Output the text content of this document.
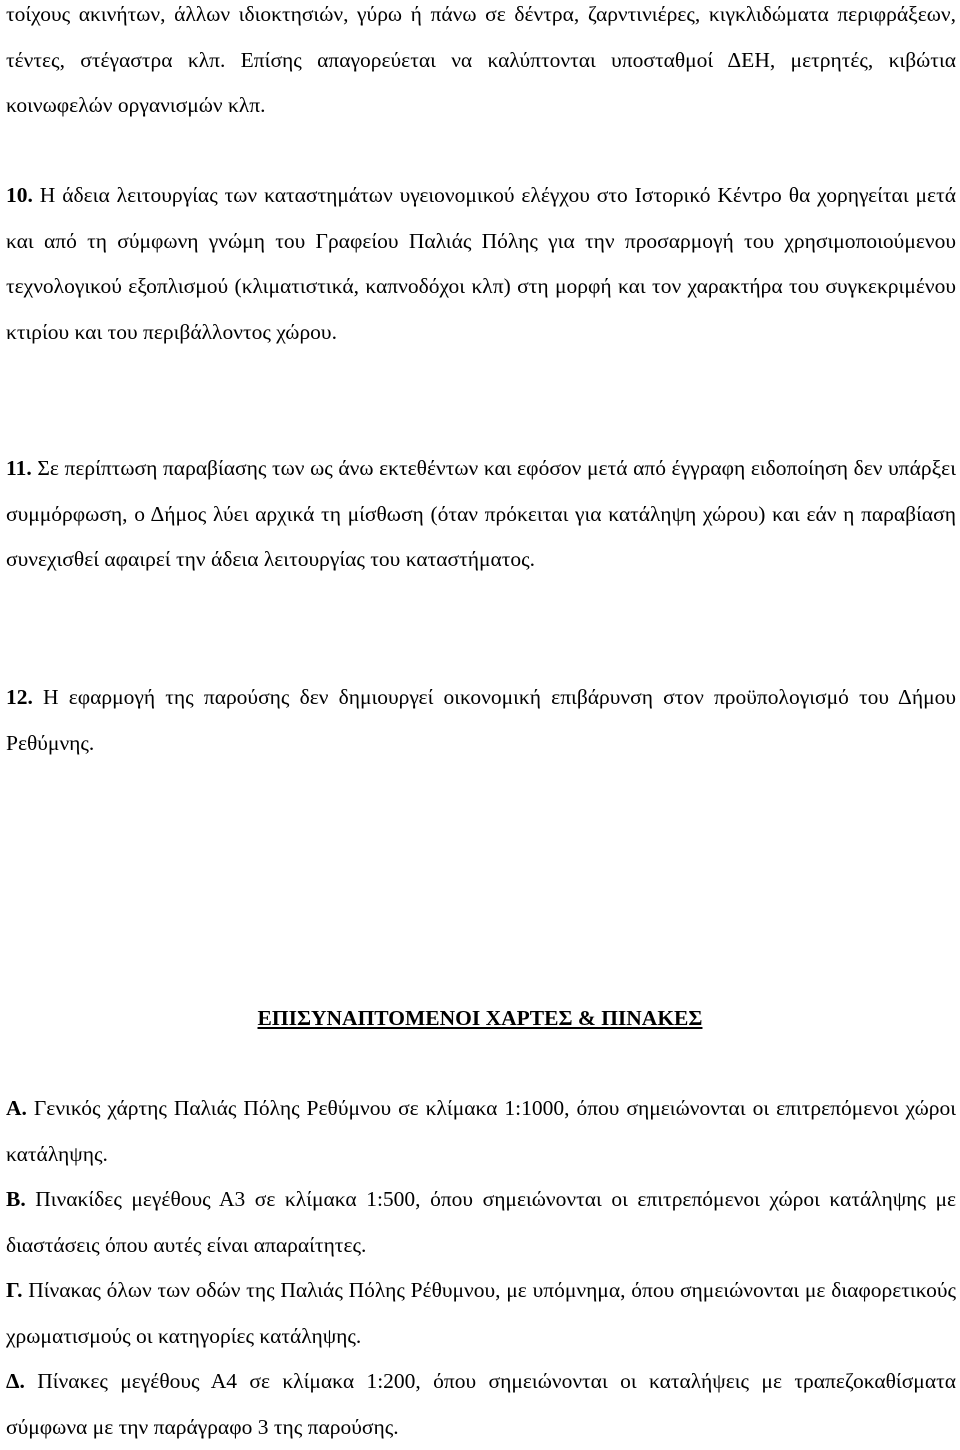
τοίχους ακινήτων, άλλων ιδιοκτησιών, γύρω ή πάνω σε δέντρα, ζαρντινιέρες, κιγκλιδώματα περιφράξεων, τέντες, στέγαστρα κλπ. Επίσης απαγορεύεται να καλύπτονται υποσταθμοί ΔΕΗ, μετρητές, κιβώτια κοινωφελών οργανισμών κλπ.

10. Η άδεια λειτουργίας των καταστημάτων υγειονομικού ελέγχου στο Ιστορικό Κέντρο θα χορηγείται μετά και από τη σύμφωνη γνώμη του Γραφείου Παλιάς Πόλης για την προσαρμογή του χρησιμοποιούμενου τεχνολογικού εξοπλισμού (κλιματιστικά, καπνοδόχοι κλπ) στη μορφή και τον χαρακτήρα του συγκεκριμένου κτιρίου και του περιβάλλοντος χώρου.

11. Σε περίπτωση παραβίασης των ως άνω εκτεθέντων και εφόσον μετά από έγγραφη ειδοποίηση δεν υπάρξει συμμόρφωση, ο Δήμος λύει αρχικά τη μίσθωση (όταν πρόκειται για κατάληψη χώρου) και εάν η παραβίαση συνεχισθεί αφαιρεί την άδεια λειτουργίας του καταστήματος.

12. Η εφαρμογή της παρούσης δεν δημιουργεί οικονομική επιβάρυνση στον προϋπολογισμό του Δήμου Ρεθύμνης.

ΕΠΙΣΥΝΑΠΤΟΜΕΝΟΙ ΧΑΡΤΕΣ & ΠΙΝΑΚΕΣ

Α. Γενικός χάρτης Παλιάς Πόλης Ρεθύμνου σε κλίμακα 1:1000, όπου σημειώνονται οι επιτρεπόμενοι χώροι κατάληψης.

Β. Πινακίδες μεγέθους Α3 σε κλίμακα 1:500, όπου σημειώνονται οι επιτρεπόμενοι χώροι κατάληψης με διαστάσεις όπου αυτές είναι απαραίτητες.

Γ. Πίνακας όλων των οδών της Παλιάς Πόλης Ρέθυμνου, με υπόμνημα, όπου σημειώνονται με διαφορετικούς χρωματισμούς οι κατηγορίες κατάληψης.

Δ. Πίνακες μεγέθους Α4 σε κλίμακα 1:200, όπου σημειώνονται οι καταλήψεις με τραπεζοκαθίσματα σύμφωνα με την παράγραφο 3 της παρούσης.
